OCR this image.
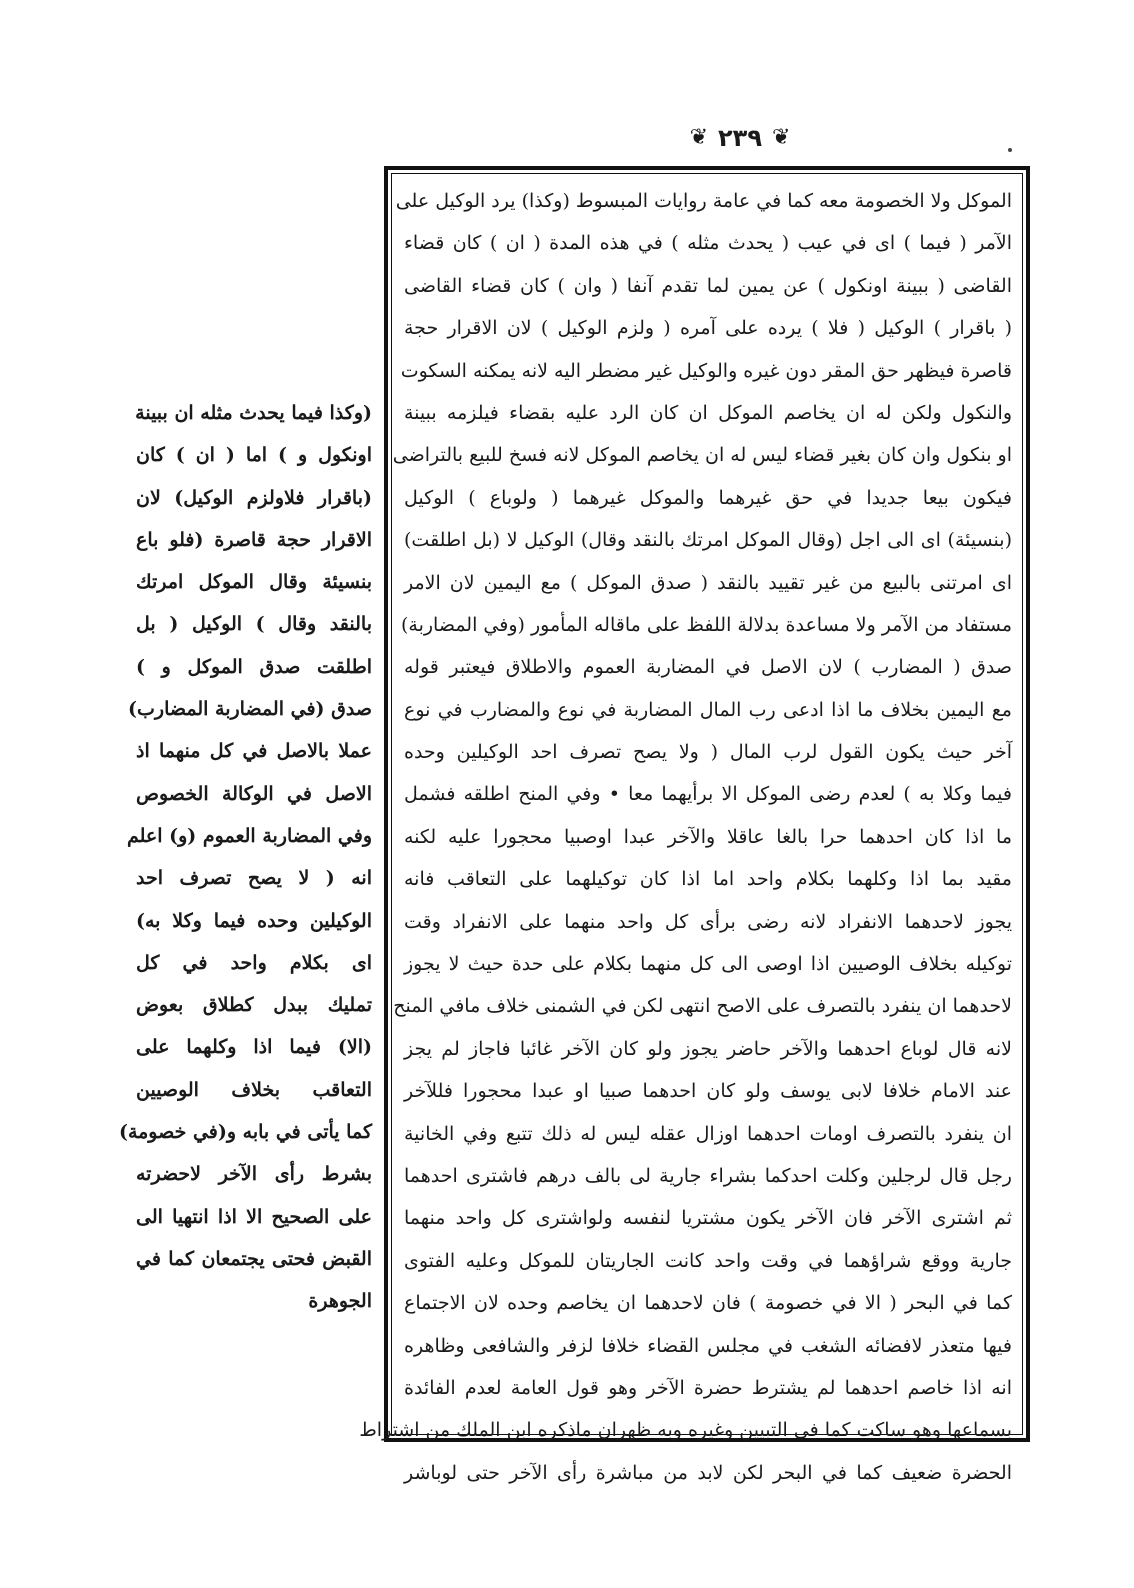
❦ ٢٣٩ ❦
الموكل ولا الخصومة معه كما في عامة روايات المبسوط (وكذا) يرد الوكيل على
الآمر ( فيما ) اى في عيب ( يحدث مثله ) في هذه المدة ( ان ) كان قضاء
القاضى ( ببينة اونكول ) عن يمين لما تقدم آنفا ( وان ) كان قضاء القاضى
( باقرار ) الوكيل ( فلا ) يرده على آمره ( ولزم الوكيل ) لان الاقرار حجة
قاصرة فيظهر حق المقر دون غيره والوكيل غير مضطر اليه لانه يمكنه السكوت
والنكول ولكن له ان يخاصم الموكل ان كان الرد عليه بقضاء فيلزمه ببينة
او بنكول وان كان بغير قضاء ليس له ان يخاصم الموكل لانه فسخ للبيع بالتراضى
فيكون بيعا جديدا في حق غيرهما والموكل غيرهما ( ولوباع ) الوكيل
(بنسيئة) اى الى اجل (وقال الموكل امرتك بالنقد وقال) الوكيل لا (بل اطلقت)
اى امرتنى بالبيع من غير تقييد بالنقد ( صدق الموكل ) مع اليمين لان الامر
مستفاد من الآمر ولا مساعدة بدلالة اللفظ على ماقاله المأمور (وفي المضاربة)
صدق ( المضارب ) لان الاصل في المضاربة العموم والاطلاق فيعتبر قوله
مع اليمين بخلاف ما اذا ادعى رب المال المضاربة في نوع والمضارب في نوع
آخر حيث يكون القول لرب المال ( ولا يصح تصرف احد الوكيلين وحده
فيما وكلا به ) لعدم رضى الموكل الا برأيهما معا • وفي المنح اطلقه فشمل
ما اذا كان احدهما حرا بالغا عاقلا والآخر عبدا اوصبيا محجورا عليه لكنه
مقيد بما اذا وكلهما بكلام واحد اما اذا كان توكيلهما على التعاقب فانه
يجوز لاحدهما الانفراد لانه رضى برأى كل واحد منهما على الانفراد وقت
توكيله بخلاف الوصيين اذا اوصى الى كل منهما بكلام على حدة حيث لا يجوز
لاحدهما ان ينفرد بالتصرف على الاصح انتهى لكن في الشمنى خلاف مافي المنح
لانه قال لوباع احدهما والآخر حاضر يجوز ولو كان الآخر غائبا فاجاز لم يجز
عند الامام خلافا لابى يوسف ولو كان احدهما صبيا او عبدا محجورا فللآخر
ان ينفرد بالتصرف اومات احدهما اوزال عقله ليس له ذلك تتبع وفي الخانية
رجل قال لرجلين وكلت احدكما بشراء جارية لى بالف درهم فاشترى احدهما
ثم اشترى الآخر فان الآخر يكون مشتريا لنفسه ولواشترى كل واحد منهما
جارية ووقع شراؤهما في وقت واحد كانت الجاريتان للموكل وعليه الفتوى
كما في البحر ( الا في خصومة ) فان لاحدهما ان يخاصم وحده لان الاجتماع
فيها متعذر لافضائه الشغب في مجلس القضاء خلافا لزفر والشافعى وظاهره
انه اذا خاصم احدهما لم يشترط حضرة الآخر وهو قول العامة لعدم الفائدة
بسماعها وهو ساكت كما في التبيين وغيره وبه ظهران ماذكره ابن الملك من اشتراط
الحضرة ضعيف كما في البحر لكن لابد من مباشرة رأى الآخر حتى لوباشر
(وكذا فيما يحدث مثله ان ببينة
اونكول و ) اما ( ان ) كان
(باقرار فلاولزم الوكيل) لان
الاقرار حجة قاصرة (فلو باع
بنسيئة وقال الموكل امرتك
بالنقد وقال ) الوكيل ( بل
اطلقت صدق الموكل و )
صدق (في المضاربة المضارب)
عملا بالاصل في كل منهما اذ
الاصل في الوكالة الخصوص
وفي المضاربة العموم (و) اعلم
انه ( لا يصح تصرف احد
الوكيلين وحده فيما وكلا به)
اى بكلام واحد في كل
تمليك ببدل كطلاق بعوض
(الا) فيما اذا وكلهما على
التعاقب بخلاف الوصيين
كما يأتى في بابه و(في خصومة)
بشرط رأى الآخر لاحضرته
على الصحيح الا اذا انتهيا الى
القبض فحتى يجتمعان كما في
الجوهرة
